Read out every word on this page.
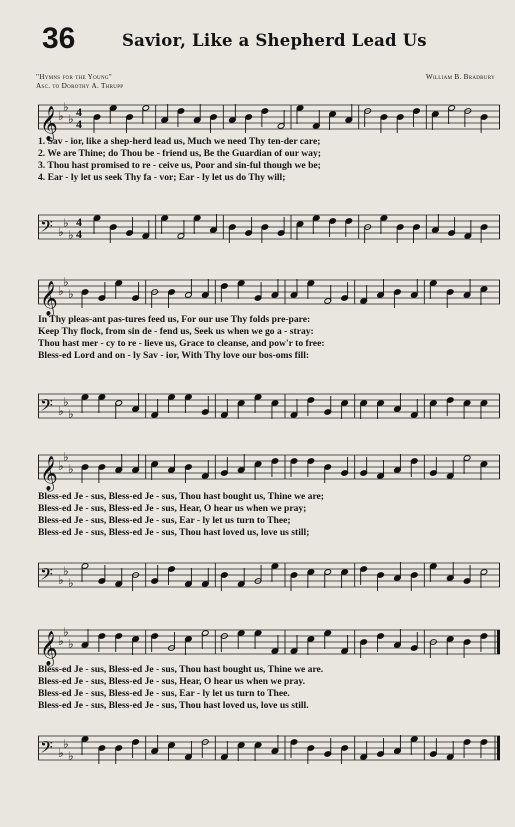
36	Savior, Like a Shepherd Lead Us
"Hymns for the Young"
Asc. to Dorothy A. Thrupp
William B. Bradbury
𝄞 ♭
♭
♭ 4
4
1. Sav - ior, like a shep-herd lead us, Much we need Thy ten-der care;
2. We are Thine; do Thou be - friend us, Be the Guardian of our way;
3. Thou hast promised to re - ceive us, Poor and sin-ful though we be;
4. Ear - ly let us seek Thy fa - vor; Ear - ly let us do Thy will;
𝄢 ♭
♭
♭
4
4
𝄞 ♭
♭
♭
In Thy pleas-ant pas-tures feed us, For our use Thy folds pre-pare:
Keep Thy flock, from sin de - fend us, Seek us when we go a - stray:
Thou hast mer - cy to re - lieve us, Grace to cleanse, and pow'r to free:
Bless-ed Lord and on - ly Sav - ior, With Thy love our bos-oms fill:
𝄢 ♭
♭
♭
𝄞 ♭
♭
♭
Bless-ed Je - sus, Bless-ed Je - sus, Thou hast bought us, Thine we are;
Bless-ed Je - sus, Bless-ed Je - sus, Hear, O hear us when we pray;
Bless-ed Je - sus, Bless-ed Je - sus, Ear - ly let us turn to Thee;
Bless-ed Je - sus, Bless-ed Je - sus, Thou hast loved us, love us still;
𝄢 ♭
♭
♭
𝄞 ♭
♭
♭
Bless-ed Je - sus, Bless-ed Je - sus, Thou hast bought us, Thine we are.
Bless-ed Je - sus, Bless-ed Je - sus, Hear, O hear us when we pray.
Bless-ed Je - sus, Bless-ed Je - sus, Ear - ly let us turn to Thee.
Bless-ed Je - sus, Bless-ed Je - sus, Thou hast loved us, love us still.
𝄢 ♭
♭
♭
